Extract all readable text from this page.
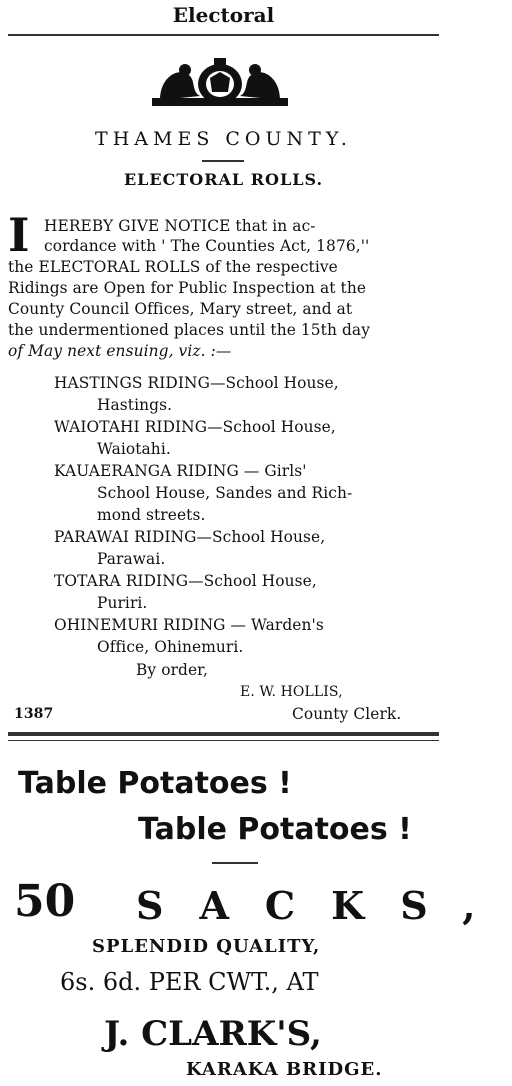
Electoral
THAMES COUNTY.
ELECTORAL ROLLS.
I HEREBY GIVE NOTICE that in ac-
cordance with ' The Counties Act, 1876,''
the ELECTORAL ROLLS of the respective
Ridings are Open for Public Inspection at the
County Council Offices, Mary street, and at
the undermentioned places until the 15th day
of May next ensuing, viz. :—
HASTINGS RIDING—School House,
Hastings.
WAIOTAHI RIDING—School House,
Waiotahi.
KAUAERANGA RIDING — Girls'
School House, Sandes and Rich-
mond streets.
PARAWAI RIDING—School House,
Parawai.
TOTARA RIDING—School House,
Puriri.
OHINEMURI RIDING — Warden's
Office, Ohinemuri.
By order,
E. W. HOLLIS,
1387	County Clerk.
Table Potatoes !
Table Potatoes !
50 SACKS,
SPLENDID QUALITY,
6s. 6d. PER CWT., AT
J. CLARK'S,
KARAKA BRIDGE.
